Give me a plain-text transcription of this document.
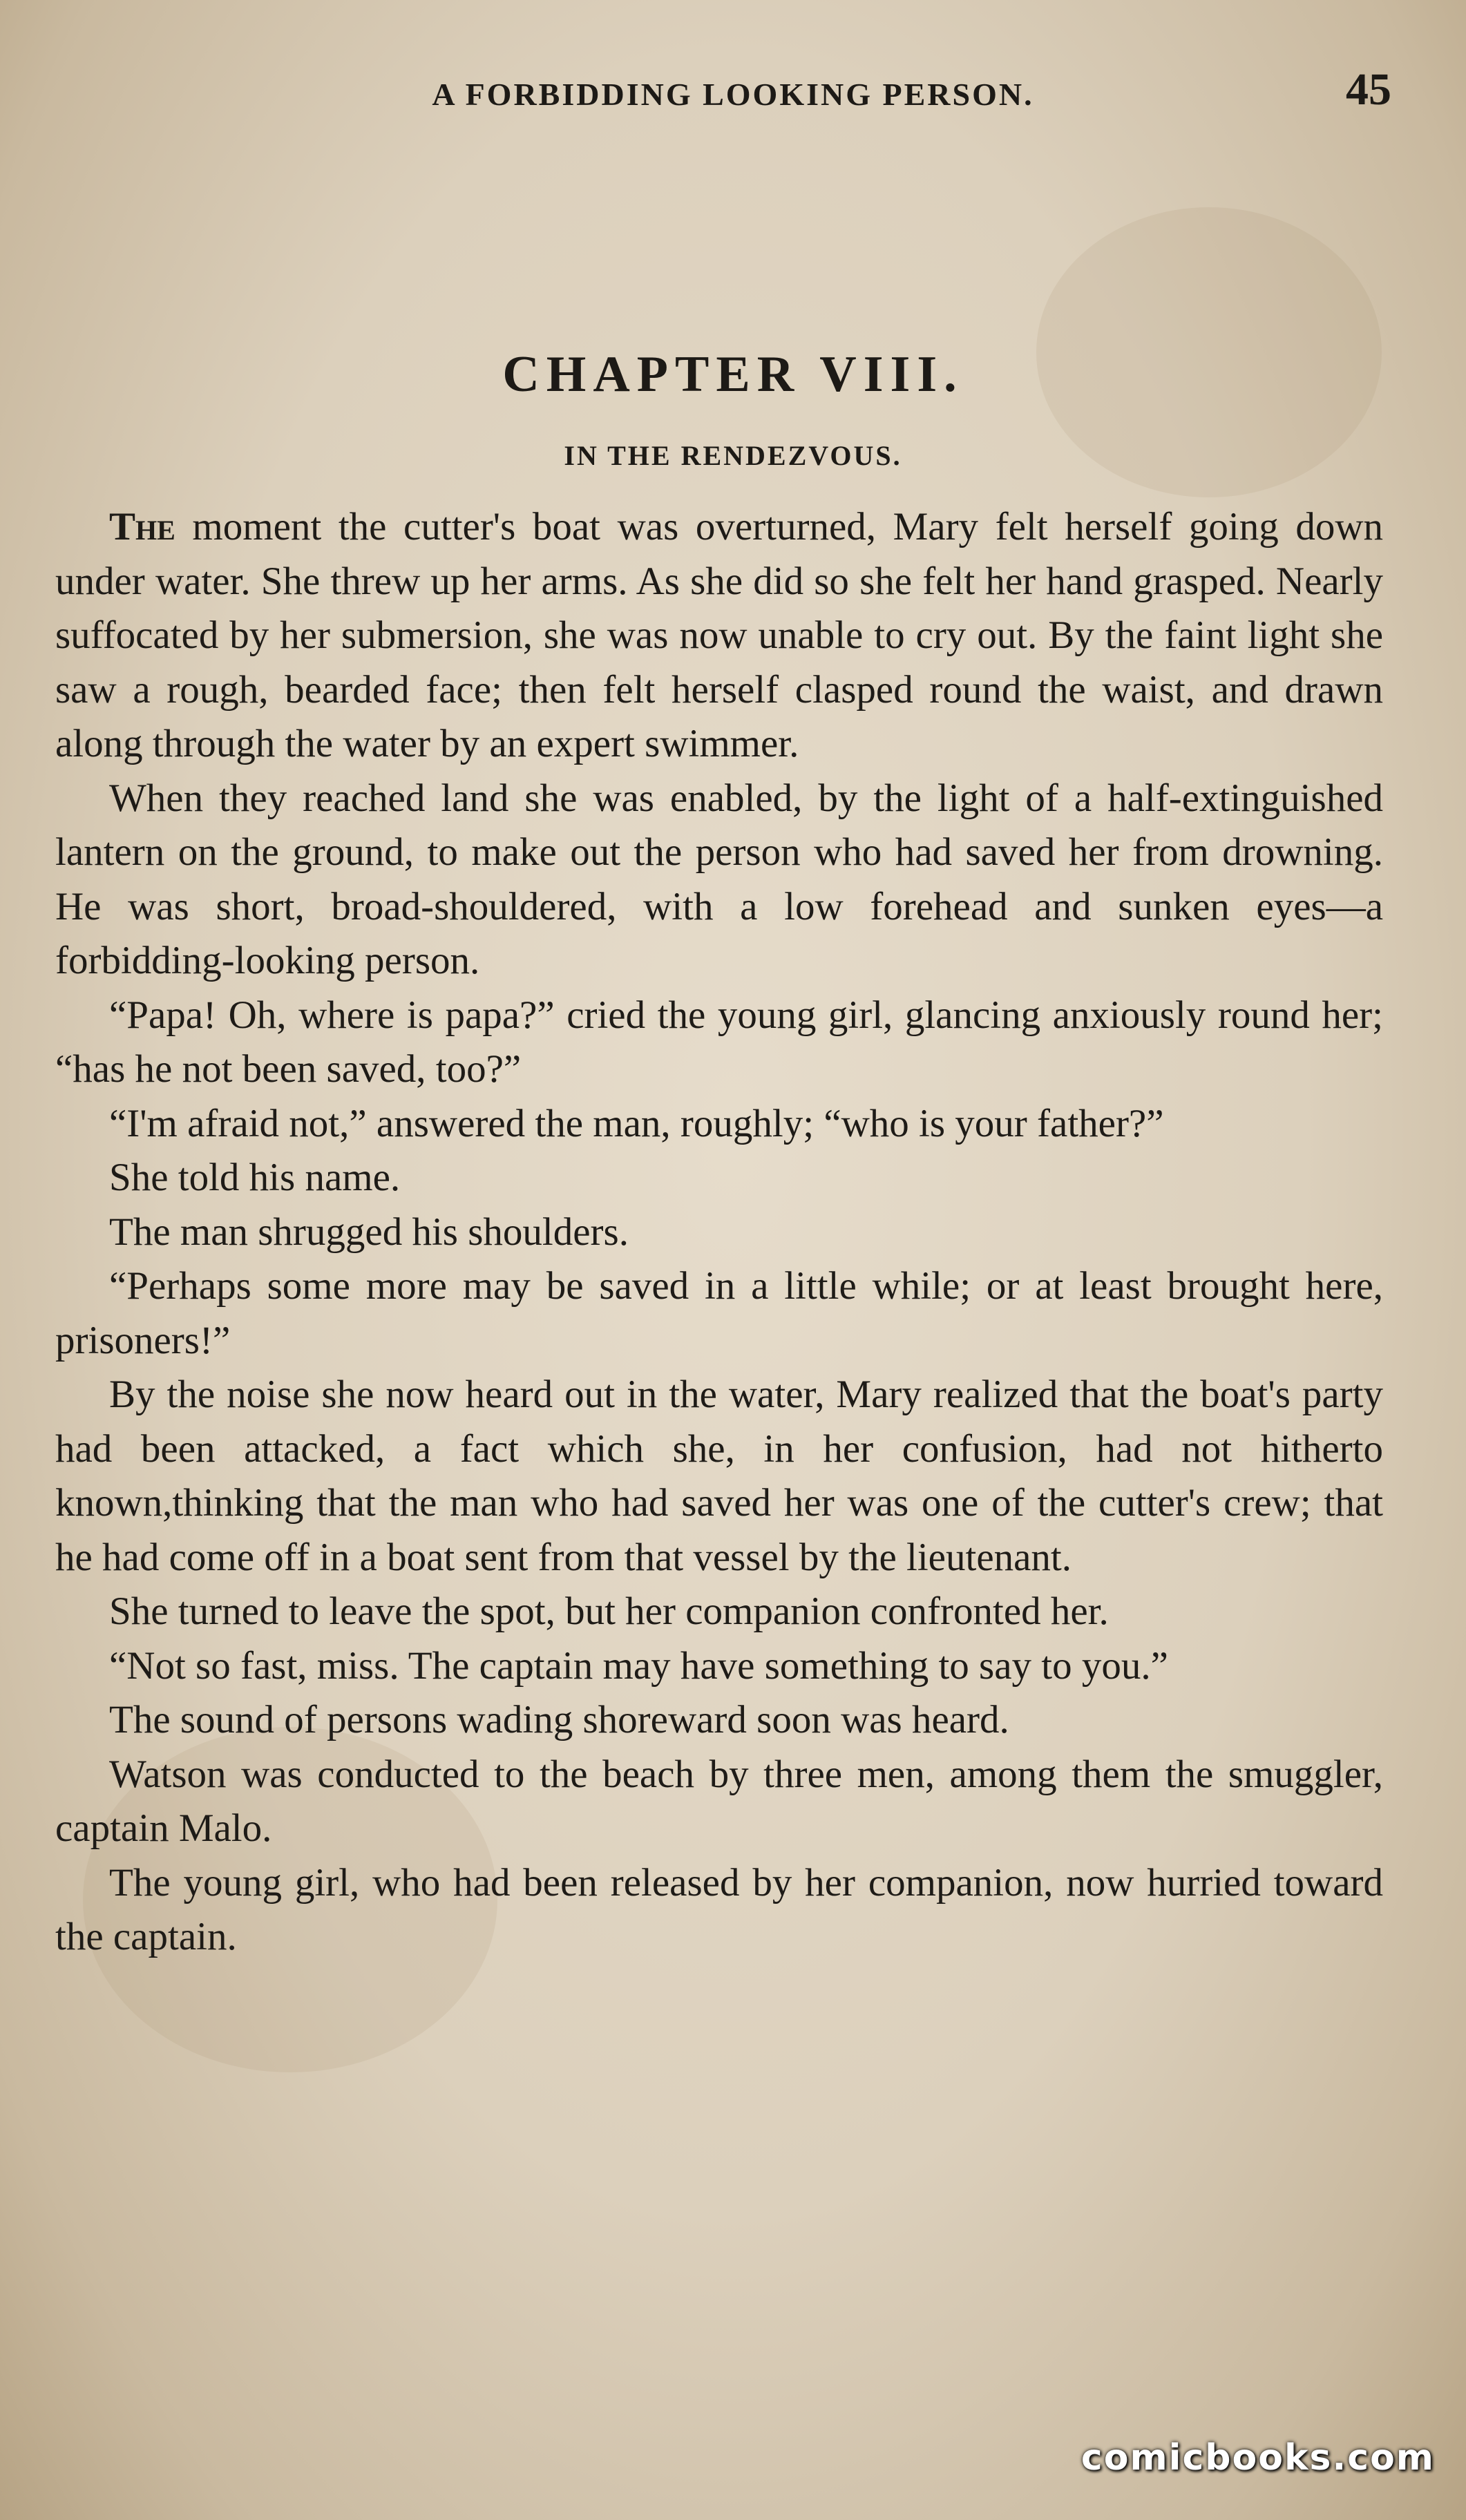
A FORBIDDING LOOKING PERSON.	45
CHAPTER VIII.
IN THE RENDEZVOUS.

The moment the cutter's boat was overturned, Mary felt herself going down under water. She threw up her arms. As she did so she felt her hand grasped. Nearly suffocated by her submersion, she was now unable to cry out. By the faint light she saw a rough, bearded face; then felt herself clasped round the waist, and drawn along through the water by an expert swimmer.

When they reached land she was enabled, by the light of a half-extinguished lantern on the ground, to make out the person who had saved her from drowning. He was short, broad-shouldered, with a low forehead and sunken eyes—a forbidding-looking person.

“Papa! Oh, where is papa?” cried the young girl, glancing anxiously round her; “has he not been saved, too?”

“I'm afraid not,” answered the man, roughly; “who is your father?”

She told his name.

The man shrugged his shoulders.

“Perhaps some more may be saved in a little while; or at least brought here, prisoners!”

By the noise she now heard out in the water, Mary realized that the boat's party had been attacked, a fact which she, in her confusion, had not hitherto known,thinking that the man who had saved her was one of the cutter's crew; that he had come off in a boat sent from that vessel by the lieutenant.

She turned to leave the spot, but her companion confronted her.

“Not so fast, miss. The captain may have something to say to you.”

The sound of persons wading shoreward soon was heard.

Watson was conducted to the beach by three men, among them the smuggler, captain Malo.

The young girl, who had been released by her companion, now hurried toward the captain.

comicbooks.com
